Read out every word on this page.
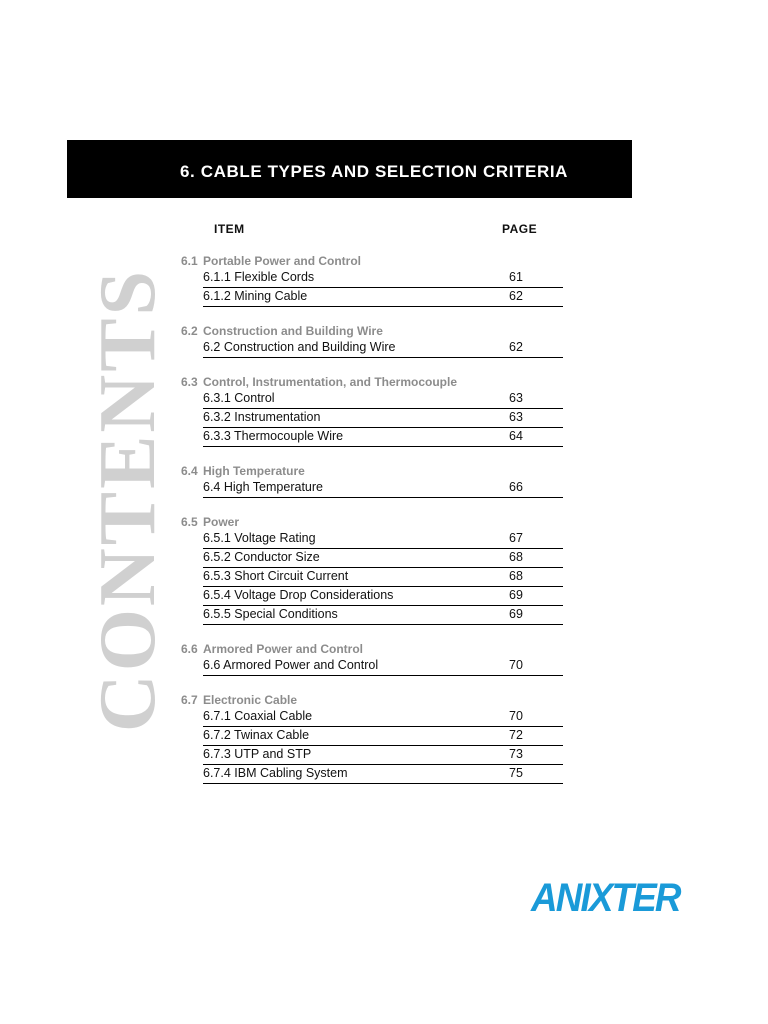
6. CABLE TYPES AND SELECTION CRITERIA
CONTENTS
ITEM	PAGE
6.1 Portable Power and Control
6.1.1 Flexible Cords	61
6.1.2 Mining Cable	62
6.2 Construction and Building Wire
6.2 Construction and Building Wire	62
6.3 Control, Instrumentation, and Thermocouple
6.3.1 Control	63
6.3.2 Instrumentation	63
6.3.3 Thermocouple Wire	64
6.4 High Temperature
6.4 High Temperature	66
6.5 Power
6.5.1 Voltage Rating	67
6.5.2 Conductor Size	68
6.5.3 Short Circuit Current	68
6.5.4 Voltage Drop Considerations	69
6.5.5 Special Conditions	69
6.6 Armored Power and Control
6.6 Armored Power and Control	70
6.7 Electronic Cable
6.7.1 Coaxial Cable	70
6.7.2 Twinax Cable	72
6.7.3 UTP and STP	73
6.7.4 IBM Cabling System	75
ANIXTER
